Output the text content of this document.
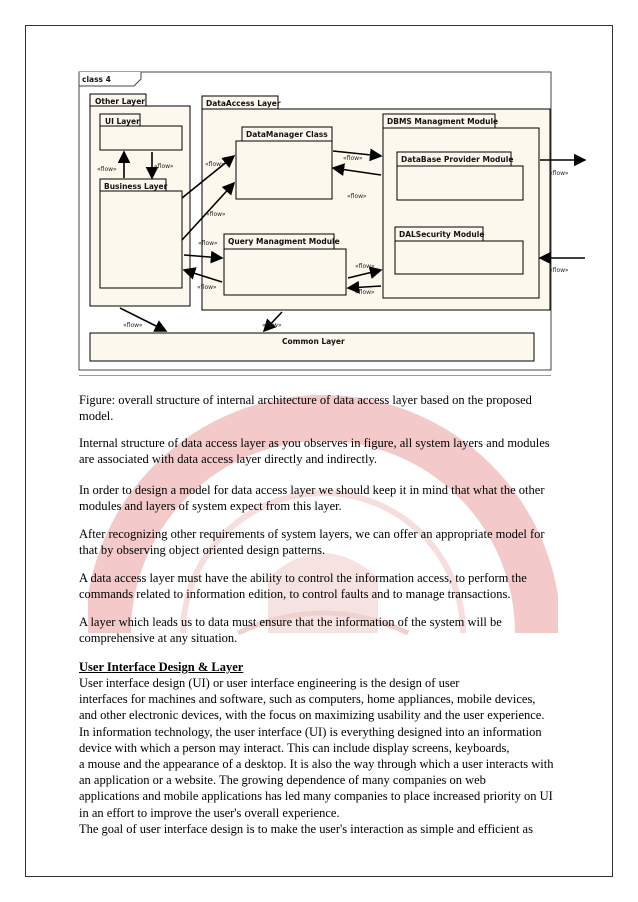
class 4
Other Layer
UI Layer
Business Layer
DataAccess Layer
DataManager Class
Query Managment Module
DBMS Managment Module
DataBase Provider Module
DALSecurity Module
Common Layer
«flow»	«flow»	«flow»
«flow»
«flow»
«flow»
«flow»
«flow»
«flow»
«flow»
«flow»
«flow»
«flow»	«flow»

Figure: overall structure of internal architecture of data access layer based on the proposed
model.

Internal structure of data access layer as you observes in figure, all system layers and modules
are associated with data access layer directly and indirectly.

In order to design a model for data access layer we should keep it in mind that what the other
modules and layers of system expect from this layer.

After recognizing other requirements of system layers, we can offer an appropriate model for
that by observing object oriented design patterns.

A data access layer must have the ability to control the information access, to perform the
commands related to information edition, to control faults and to manage transactions.

A layer which leads us to data must ensure that the information of the system will be
comprehensive at any situation.

User Interface Design & Layer

User interface design (UI) or user interface engineering is the design of user
interfaces for machines and software, such as computers, home appliances, mobile devices,
and other electronic devices, with the focus on maximizing usability and the user experience.
In information technology, the user interface (UI) is everything designed into an information
device with which a person may interact. This can include display screens, keyboards,
a mouse and the appearance of a desktop. It is also the way through which a user interacts with
an application or a website. The growing dependence of many companies on web
applications and mobile applications has led many companies to place increased priority on UI
in an effort to improve the user's overall experience.
The goal of user interface design is to make the user's interaction as simple and efficient as
